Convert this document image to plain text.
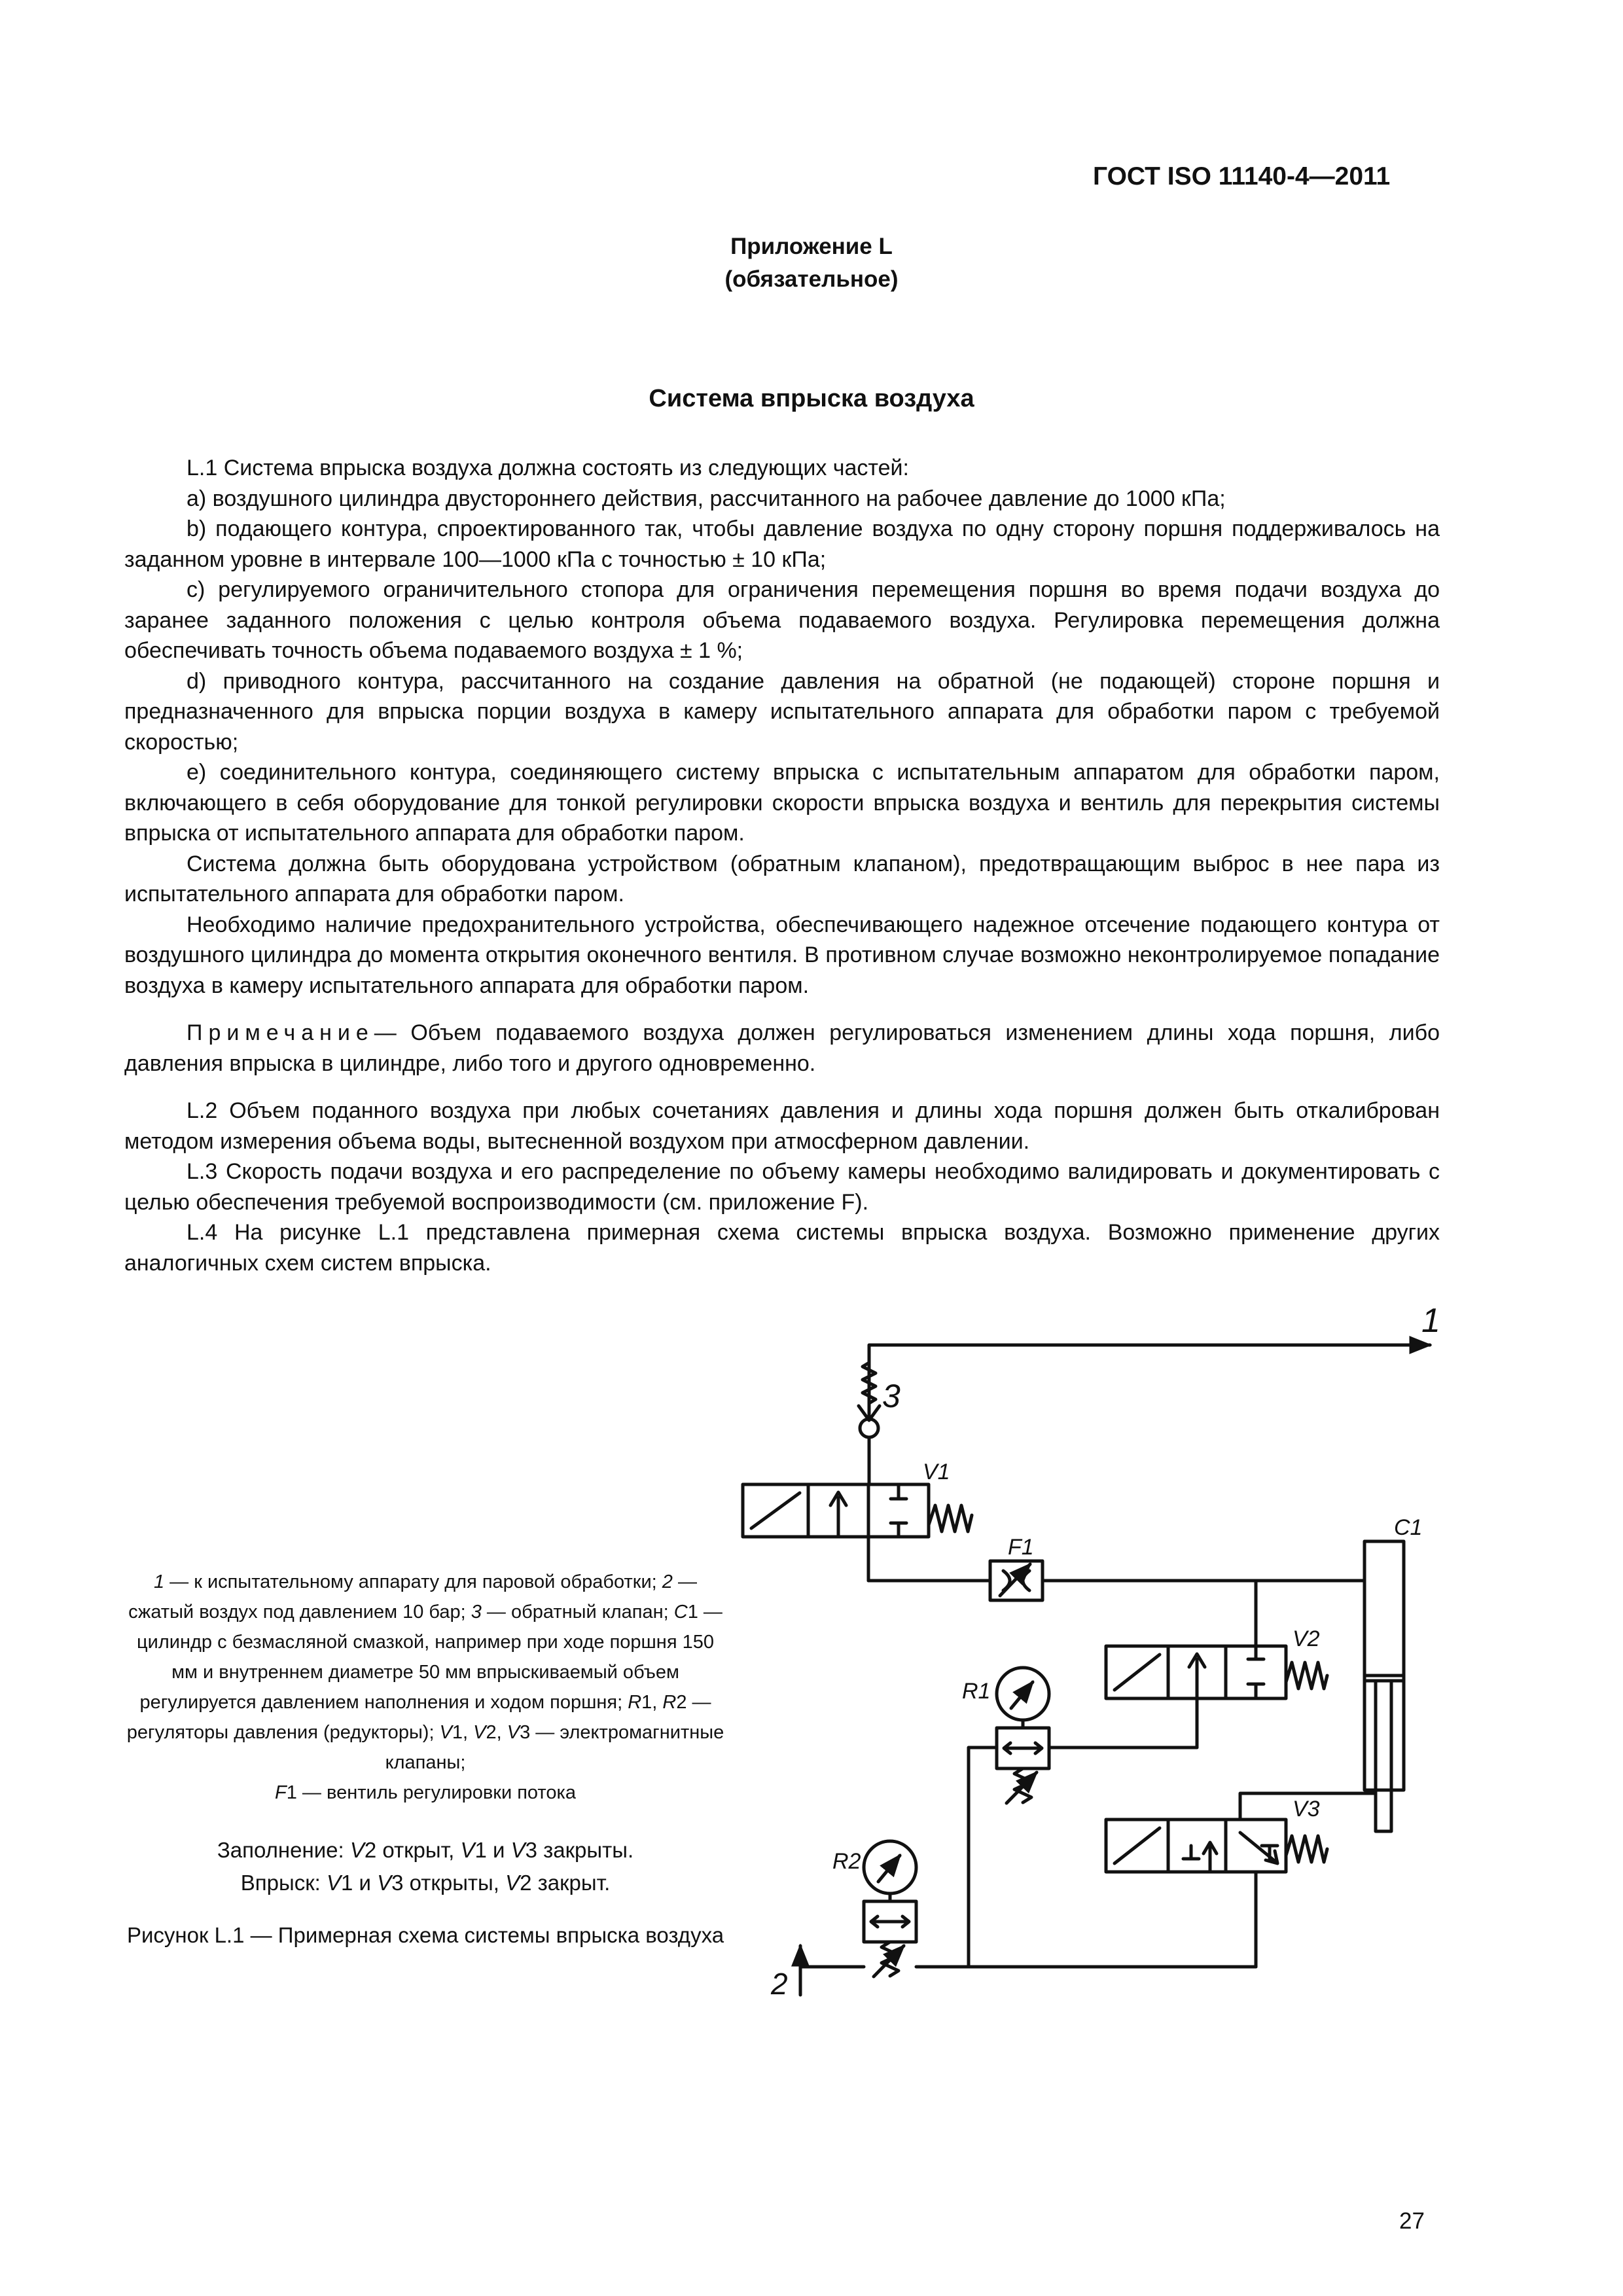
ГОСТ ISO 11140-4—2011
Приложение L
(обязательное)
Система впрыска воздуха

L.1 Система впрыска воздуха должна состоять из следующих частей:

a) воздушного цилиндра двустороннего действия, рассчитанного на рабочее давление до 1000 кПа;

b) подающего контура, спроектированного так, чтобы давление воздуха по одну сторону поршня поддерживалось на заданном уровне в интервале 100—1000 кПа с точностью ± 10 кПа;

c) регулируемого ограничительного стопора для ограничения перемещения поршня во время подачи воздуха до заранее заданного положения с целью контроля объема подаваемого воздуха. Регулировка перемещения должна обеспечивать точность объема подаваемого воздуха ± 1 %;

d) приводного контура, рассчитанного на создание давления на обратной (не подающей) стороне поршня и предназначенного для впрыска порции воздуха в камеру испытательного аппарата для обработки паром с требуемой скоростью;

e) соединительного контура, соединяющего систему впрыска с испытательным аппаратом для обработки паром, включающего в себя оборудование для тонкой регулировки скорости впрыска воздуха и вентиль для перекрытия системы впрыска от испытательного аппарата для обработки паром.

Система должна быть оборудована устройством (обратным клапаном), предотвращающим выброс в нее пара из испытательного аппарата для обработки паром.

Необходимо наличие предохранительного устройства, обеспечивающего надежное отсечение подающего контура от воздушного цилиндра до момента открытия оконечного вентиля. В противном случае возможно неконтролируемое попадание воздуха в камеру испытательного аппарата для обработки паром.

Примечание— Объем подаваемого воздуха должен регулироваться изменением длины хода поршня, либо давления впрыска в цилиндре, либо того и другого одновременно.

L.2 Объем поданного воздуха при любых сочетаниях давления и длины хода поршня должен быть откалиброван методом измерения объема воды, вытесненной воздухом при атмосферном давлении.

L.3 Скорость подачи воздуха и его распределение по объему камеры необходимо валидировать и документировать с целью обеспечения требуемой воспроизводимости (см. приложение F).

L.4 На рисунке L.1 представлена примерная схема системы впрыска воздуха. Возможно применение других аналогичных схем систем впрыска.

1 — к испытательному аппарату для паровой обработки; 2 — сжатый воздух под давлением 10 бар; 3 — обратный клапан; C1 — цилиндр с безмасляной смазкой, например при ходе поршня 150 мм и внутреннем диаметре 50 мм впрыскиваемый объем регулируется давлением наполнения и ходом поршня; R1, R2 — регуляторы давления (редукторы); V1, V2, V3 — электромагнитные клапаны;
F1 — вентиль регулировки потока
Заполнение: V2 открыт, V1 и V3 закрыты.
Впрыск: V1 и V3 открыты, V2 закрыт.
Рисунок L.1 — Примерная схема системы впрыска воздуха
1
3
V1
F1
C1
V2
R1
V3
R2
2
27
